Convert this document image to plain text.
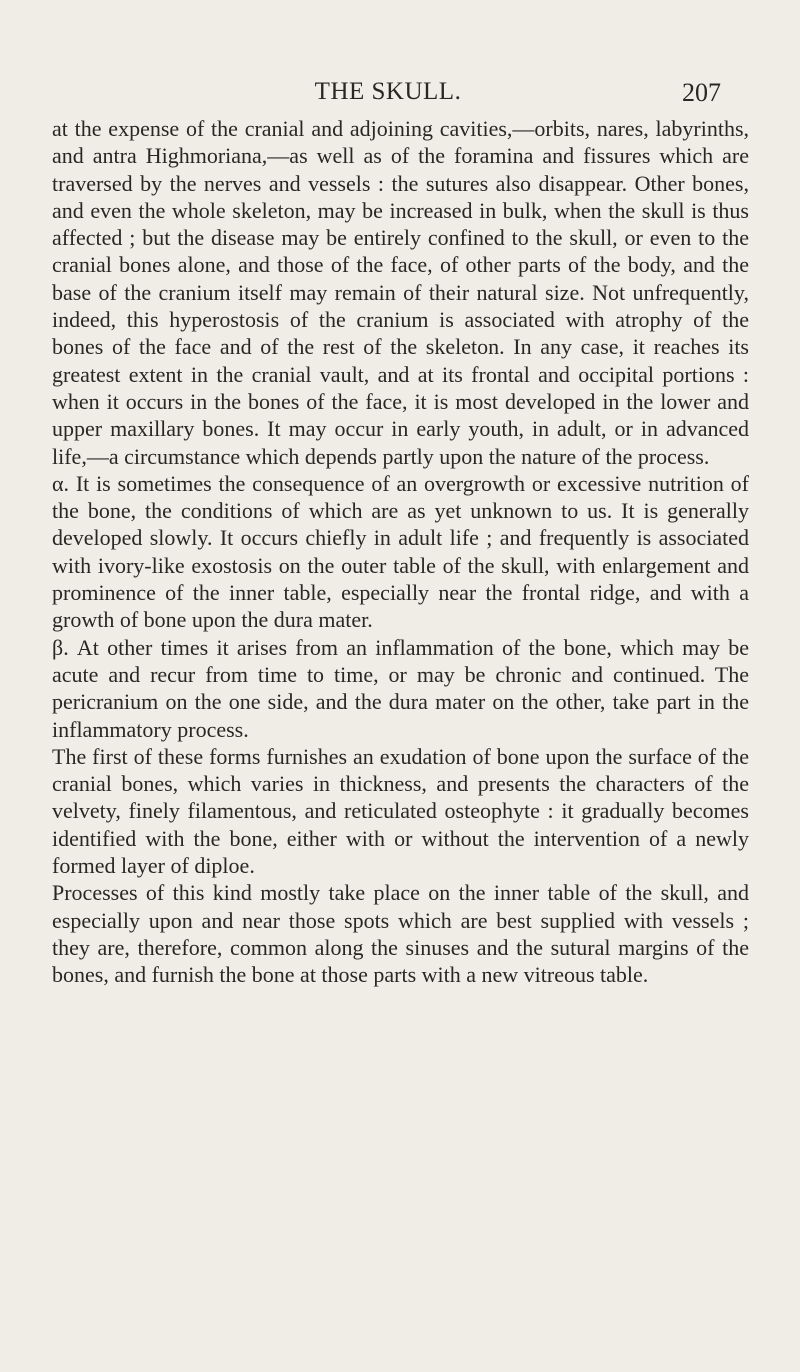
THE SKULL.	207

at the expense of the cranial and adjoining cavities,—orbits, nares, labyrinths, and antra Highmoriana,—as well as of the foramina and fissures which are traversed by the nerves and vessels : the sutures also disappear. Other bones, and even the whole skeleton, may be increased in bulk, when the skull is thus affected ; but the disease may be entirely confined to the skull, or even to the cranial bones alone, and those of the face, of other parts of the body, and the base of the cranium itself may remain of their natural size. Not unfrequently, indeed, this hyperostosis of the cranium is associated with atrophy of the bones of the face and of the rest of the skeleton. In any case, it reaches its greatest extent in the cranial vault, and at its frontal and occipital portions : when it occurs in the bones of the face, it is most developed in the lower and upper maxillary bones. It may occur in early youth, in adult, or in advanced life,—a circumstance which depends partly upon the nature of the process.

α. It is sometimes the consequence of an overgrowth or excessive nutrition of the bone, the conditions of which are as yet unknown to us. It is generally developed slowly. It occurs chiefly in adult life ; and frequently is associated with ivory-like exostosis on the outer table of the skull, with enlargement and prominence of the inner table, especially near the frontal ridge, and with a growth of bone upon the dura mater.

β. At other times it arises from an inflammation of the bone, which may be acute and recur from time to time, or may be chronic and continued. The pericranium on the one side, and the dura mater on the other, take part in the inflammatory process.

The first of these forms furnishes an exudation of bone upon the surface of the cranial bones, which varies in thickness, and presents the characters of the velvety, finely filamentous, and reticulated osteophyte : it gradually becomes identified with the bone, either with or without the intervention of a newly formed layer of diploe.

Processes of this kind mostly take place on the inner table of the skull, and especially upon and near those spots which are best supplied with vessels ; they are, therefore, common along the sinuses and the sutural margins of the bones, and furnish the bone at those parts with a new vitreous table.
